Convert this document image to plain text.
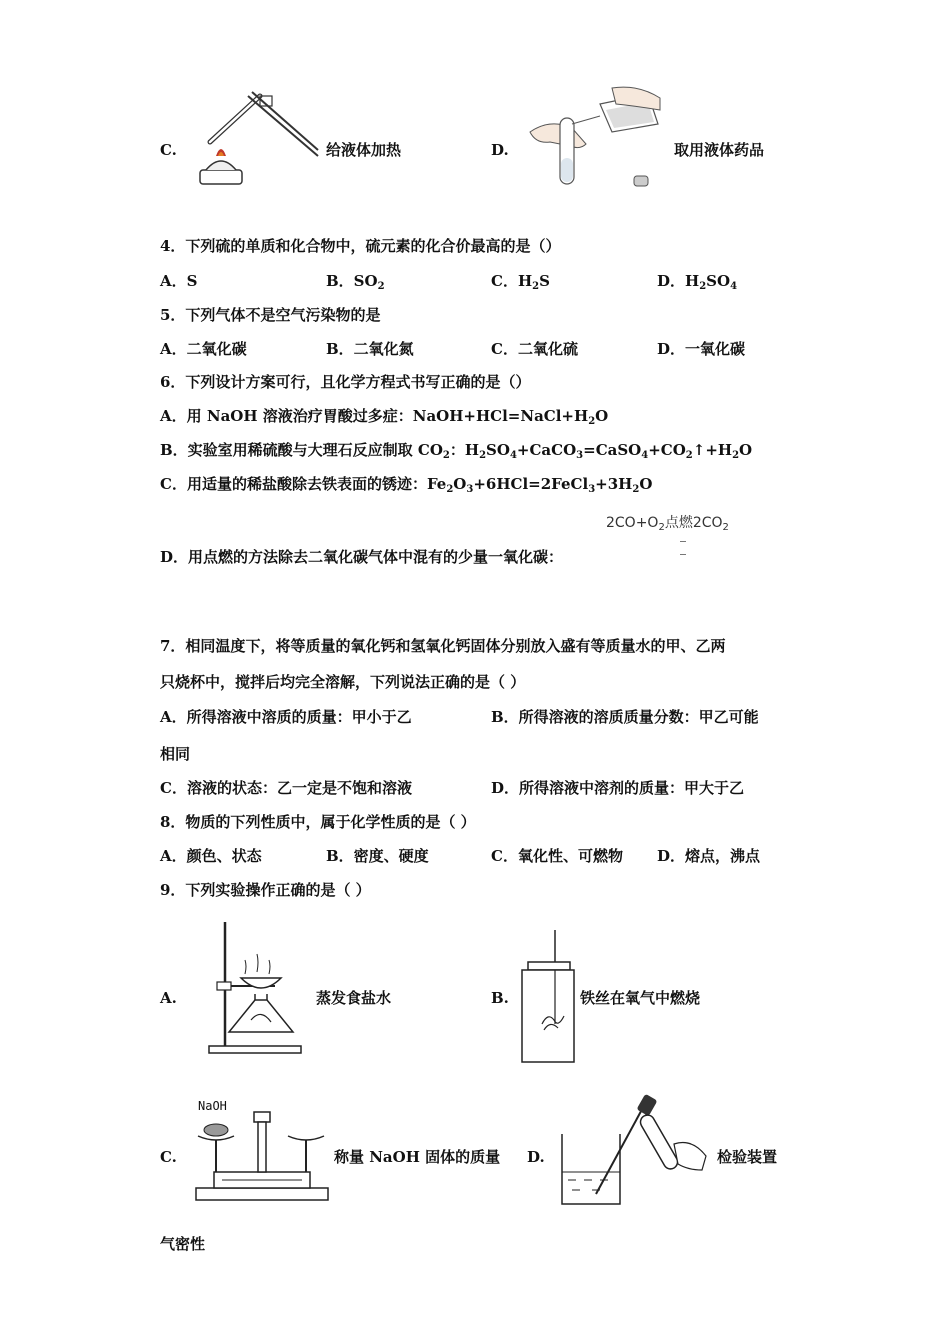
C.	给液体加热	D.	取用液体药品
4．下列硫的单质和化合物中，硫元素的化合价最高的是（）
A．S	B．$SO_2$	C．$H_2S$	D．$H_2SO_4$
5．下列气体不是空气污染物的是
A．二氧化碳	B．二氧化氮	C．二氧化硫	D．一氧化碳
6．下列设计方案可行，且化学方程式书写正确的是（）
A．用 NaOH 溶液治疗胃酸过多症：$NaOH+HCl=NaCl+H_2O$
B．实验室用稀硫酸与大理石反应制取 $CO_2$：$H_2SO_4+CaCO_3=CaSO_4+CO_2↑+H_2O$
C．用适量的稀盐酸除去铁表面的锈迹：$Fe_2O_3+6HCl=2FeCl_3+3H_2O$
$2CO+O_2$点燃$2CO_2$
D．用点燃的方法除去二氧化碳气体中混有的少量一氧化碳：
7．相同温度下，将等质量的氧化钙和氢氧化钙固体分别放入盛有等质量水的甲、乙两
只烧杯中，搅拌后均完全溶解，下列说法正确的是（ ）
A．所得溶液中溶质的质量：甲小于乙	B．所得溶液的溶质质量分数：甲乙可能
相同
C．溶液的状态：乙一定是不饱和溶液	D．所得溶液中溶剂的质量：甲大于乙
8．物质的下列性质中，属于化学性质的是（ ）
A．颜色、状态	B．密度、硬度	C．氧化性、可燃物 D．熔点，沸点
9．下列实验操作正确的是（ ）
A.	蒸发食盐水	B.	铁丝在氧气中燃烧
C.
NaOH
称量 NaOH 固体的质量 D.	检验装置
气密性
